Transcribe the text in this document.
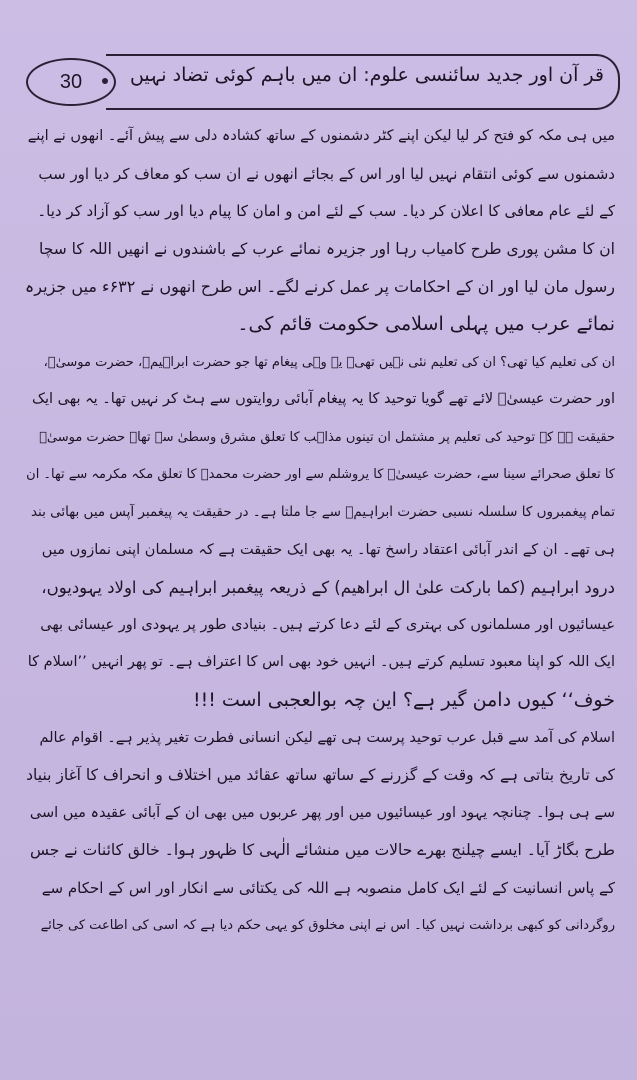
30	قر آن اور جدید سائنسی علوم: ان میں باہم کوئی تضاد نہیں
میں ہی مکہ کو فتح کر لیا لیکن اپنے کٹر دشمنوں کے ساتھ کشادہ دلی سے پیش آئے۔ انھوں نے اپنے
دشمنوں سے کوئی انتقام نہیں لیا اور اس کے بجائے انھوں نے ان سب کو معاف کر دیا اور سب
کے لئے عام معافی کا اعلان کر دیا۔ سب کے لئے امن و امان کا پیام دیا اور سب کو آزاد کر دیا۔
ان کا مشن پوری طرح کامیاب رہا اور جزیرہ نمائے عرب کے باشندوں نے انھیں اللہ کا سچا
رسول مان لیا اور ان کے احکامات پر عمل کرنے لگے۔ اس طرح انھوں نے ۶۳۲ء میں جزیرہ
نمائے عرب میں پہلی اسلامی حکومت قائم کی۔
ان کی تعلیم کیا تھی؟ ان کی تعلیم نئی نہیں تھی۔ یہ وہی پیغام تھا جو حضرت ابراہیمؑ، حضرت موسیٰؑ،
اور حضرت عیسیٰؑ لائے تھے گویا توحید کا یہ پیغام آبائی روایتوں سے ہٹ کر نہیں تھا۔ یہ بھی ایک
حقیقت ہے کہ توحید کی تعلیم پر مشتمل ان تینوں مذاہب کا تعلق مشرق وسطیٰ سے تھا۔ حضرت موسیٰؑ
کا تعلق صحرائے سینا سے، حضرت عیسیٰؑ کا یروشلم سے اور حضرت محمدؐ کا تعلق مکہ مکرمہ سے تھا۔ ان
تمام پیغمبروں کا سلسلہ نسبی حضرت ابراہیمؑ سے جا ملتا ہے۔ در حقیقت یہ پیغمبر آپس میں بھائی بند
ہی تھے۔ ان کے اندر آبائی اعتقاد راسخ تھا۔ یہ بھی ایک حقیقت ہے کہ مسلمان اپنی نمازوں میں
درود ابراہیم (کما بارکت علیٰ ال ابراھیم) کے ذریعہ پیغمبر ابراہیم کی اولاد یہودیوں،
عیسائیوں اور مسلمانوں کی بہتری کے لئے دعا کرتے ہیں۔ بنیادی طور پر یہودی اور عیسائی بھی
ایک اللہ کو اپنا معبود تسلیم کرتے ہیں۔ انہیں خود بھی اس کا اعتراف ہے۔ تو پھر انہیں ’’اسلام کا
خوف‘‘ کیوں دامن گیر ہے؟ این چہ بوالعجبی است !!!
اسلام کی آمد سے قبل عرب توحید پرست ہی تھے لیکن انسانی فطرت تغیر پذیر ہے۔ اقوام عالم
کی تاریخ بتاتی ہے کہ وقت کے گزرنے کے ساتھ ساتھ عقائد میں اختلاف و انحراف کا آغاز بنیاد
سے ہی ہوا۔ چنانچہ یہود اور عیسائیوں میں اور پھر عربوں میں بھی ان کے آبائی عقیدہ میں اسی
طرح بگاڑ آیا۔ ایسے چیلنج بھرے حالات میں منشائے الٰہی کا ظہور ہوا۔ خالق کائنات نے جس
کے پاس انسانیت کے لئے ایک کامل منصوبہ ہے اللہ کی یکتائی سے انکار اور اس کے احکام سے
روگردانی کو کبھی برداشت نہیں کیا۔ اس نے اپنی مخلوق کو یہی حکم دیا ہے کہ اسی کی اطاعت کی جائے
